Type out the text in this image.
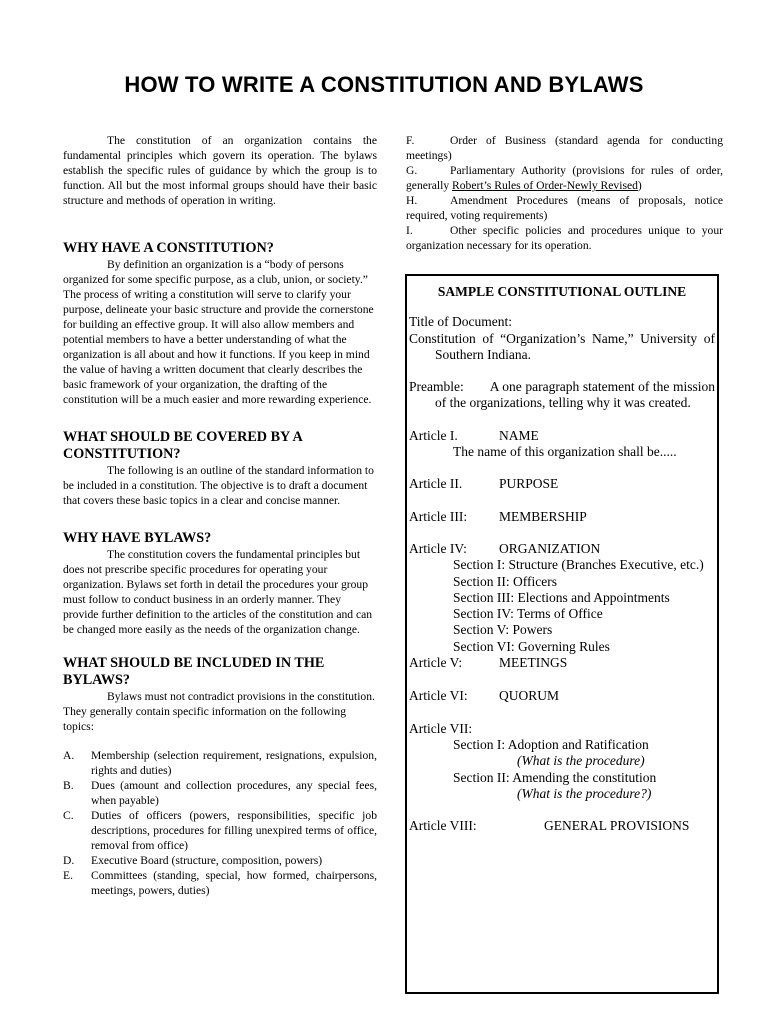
HOW TO WRITE A CONSTITUTION AND BYLAWS

The constitution of an organization contains the fundamental principles which govern its operation. The bylaws establish the specific rules of guidance by which the group is to function. All but the most informal groups should have their basic structure and methods of operation in writing.

WHY HAVE A CONSTITUTION?

By definition an organization is a “body of persons organized for some specific purpose, as a club, union, or society.” The process of writing a constitution will serve to clarify your purpose, delineate your basic structure and provide the cornerstone for building an effective group. It will also allow members and potential members to have a better understanding of what the organization is all about and how it functions. If you keep in mind the value of having a written document that clearly describes the basic framework of your organization, the drafting of the constitution will be a much easier and more rewarding experience.

WHAT SHOULD BE COVERED BY A CONSTITUTION?

The following is an outline of the standard information to be included in a constitution. The objective is to draft a document that covers these basic topics in a clear and concise manner.

WHY HAVE BYLAWS?

The constitution covers the fundamental principles but does not prescribe specific procedures for operating your organization. Bylaws set forth in detail the procedures your group must follow to conduct business in an orderly manner. They provide further definition to the articles of the constitution and can be changed more easily as the needs of the organization change.

WHAT SHOULD BE INCLUDED IN THE BYLAWS?

Bylaws must not contradict provisions in the constitution. They generally contain specific information on the following topics:

A.	Membership (selection requirement, resignations, expulsion, rights and duties)
B.	Dues (amount and collection procedures, any special fees, when payable)
C.	Duties of officers (powers, responsibilities, specific job descriptions, procedures for filling unexpired terms of office, removal from office)
D.	Executive Board (structure, composition, powers)
E.	Committees (standing, special, how formed, chairpersons, meetings, powers, duties)

F.	Order of Business (standard agenda for conducting meetings)

G.	Parliamentary Authority (provisions for rules of order, generally Robert’s Rules of Order-Newly Revised)

H.	Amendment Procedures (means of proposals, notice required, voting requirements)

I.	Other specific policies and procedures unique to your organization necessary for its operation.

SAMPLE CONSTITUTIONAL OUTLINE
Title of Document:
Constitution of “Organization’s Name,” University of Southern Indiana.
Preamble: A one paragraph statement of the mission of the organizations, telling why it was created.
Article I.	NAME
The name of this organization shall be.....
Article II.	PURPOSE
Article III:	MEMBERSHIP
Article IV:	ORGANIZATION
Section I: Structure (Branches Executive, etc.)
Section II: Officers
Section III: Elections and Appointments
Section IV: Terms of Office
Section V: Powers
Section VI: Governing Rules
Article V:	MEETINGS
Article VI:	QUORUM
Article VII:
Section I: Adoption and Ratification
(What is the procedure)
Section II: Amending the constitution
(What is the procedure?)
Article VIII:	GENERAL PROVISIONS
